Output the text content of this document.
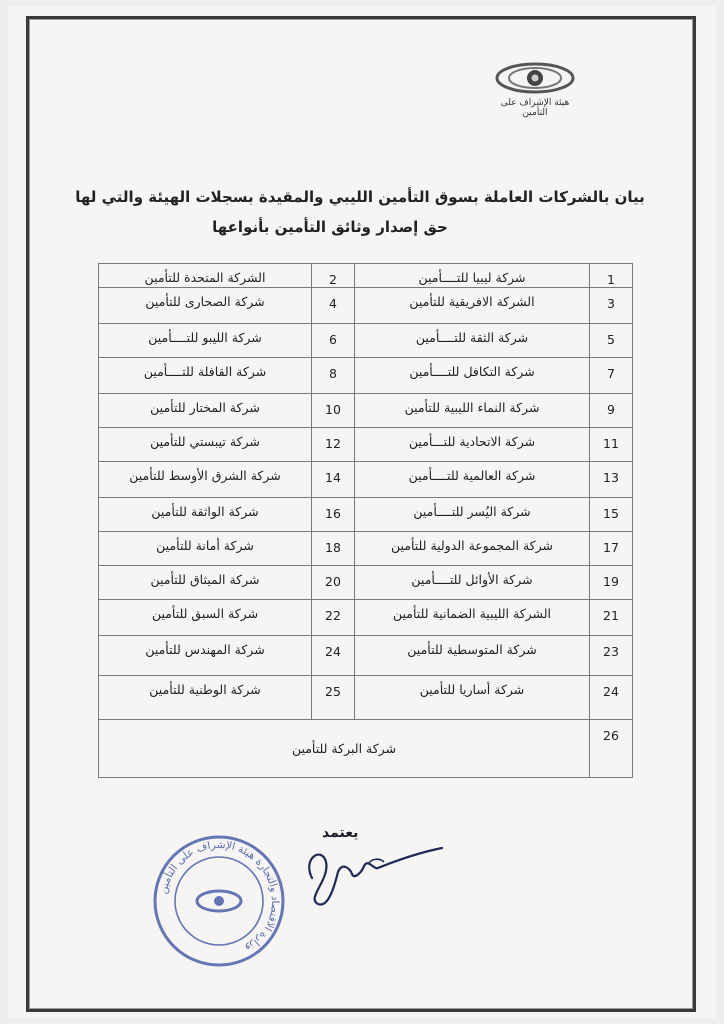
هيئة الإشراف على التأمين
بيان بالشركات العاملة بسوق التأمين الليبي والمقيدة بسجلات الهيئة والتي لها
حق إصدار وثائق التأمين بأنواعها
1	شركة ليبيا للتــــأمين	2	الشركة المتحدة للتأمين
3	الشركة الافريقية للتأمين	4	شركة الصحارى للتأمين
5	شركة الثقة للتــــأمين	6	شركة الليبو للتــــأمين
7	شركة التكافل للتــــأمين	8	شركة القافلة للتــــأمين
9	شركة النماء الليبية للتأمين	10	شركة المختار للتأمين
11	شركة الاتحادية للتـــأمين	12	شركة تيبستي للتأمين
13	شركة العالمية للتــــأمين	14	شركة الشرق الأوسط للتأمين
15	شركة اليُسر للتــــأمين	16	شركة الواثقة للتأمين
17	شركة المجموعة الدولية للتأمين	18	شركة أمانة للتأمين
19	شركة الأوائل للتــــأمين	20	شركة الميثاق للتأمين
21	الشركة الليبية الضمانية للتأمين	22	شركة السبق للتأمين
23	شركة المتوسطية للتأمين	24	شركة المهندس للتأمين
24	شركة أساريا للتأمين	25	شركة الوطنية للتأمين
26	شركة البركة للتأمين		
يعتمد
وزارة الاقتصاد والتجارة هيئة الإشراف على التأمين
